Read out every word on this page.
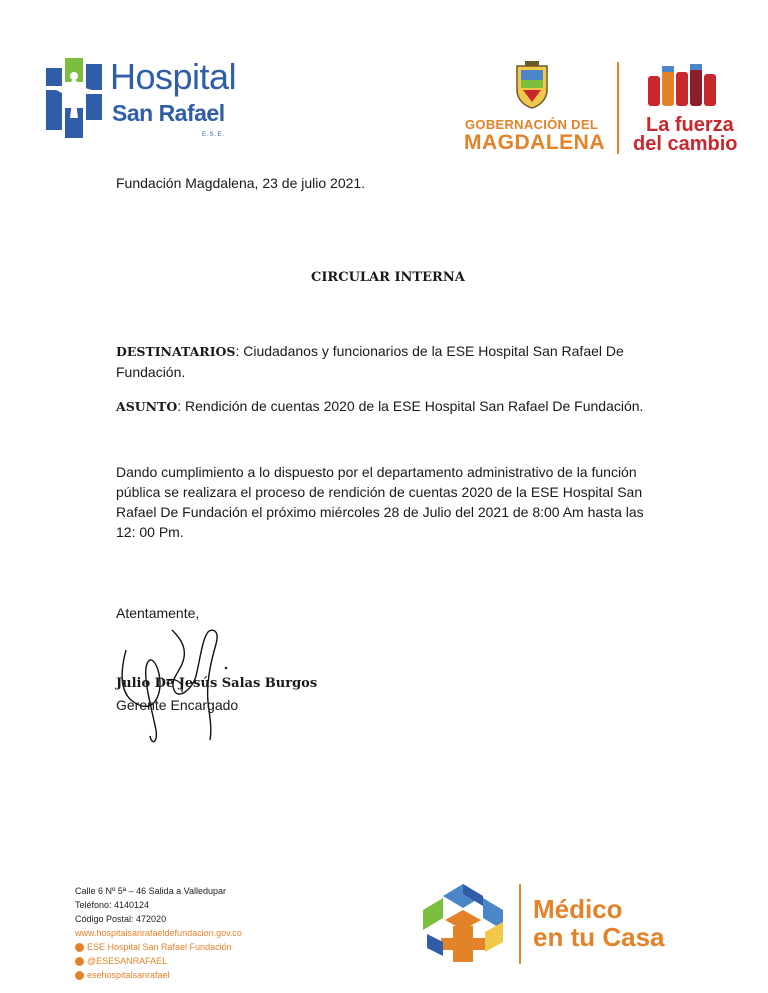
Hospital
San Rafael
E.S.E.
GOBERNACIÓN DEL
MAGDALENA
La fuerza
del cambio
Fundación Magdalena, 23 de julio 2021.
CIRCULAR INTERNA
DESTINATARIOS: Ciudadanos y funcionarios de la ESE Hospital San Rafael De Fundación.
ASUNTO: Rendición de cuentas 2020 de la ESE Hospital San Rafael De Fundación.
Dando cumplimiento a lo dispuesto por el departamento administrativo de la función pública se realizara el proceso de rendición de cuentas 2020 de la ESE Hospital San Rafael De Fundación el próximo miércoles 28 de Julio del 2021 de 8:00 Am hasta las 12: 00 Pm.
Atentamente,
Julio De Jesús Salas Burgos
Gerente Encargado
Calle 6 Nº 5ª – 46 Salida a Valledupar
Teléfono: 4140124
Código Postal: 472020
www.hospitalsanrafaeldefundacion.gov.co
ESE Hospital San Rafael Fundación
@ESESANRAFAEL
esehospitalsanrafael
Médico
en tu Casa
